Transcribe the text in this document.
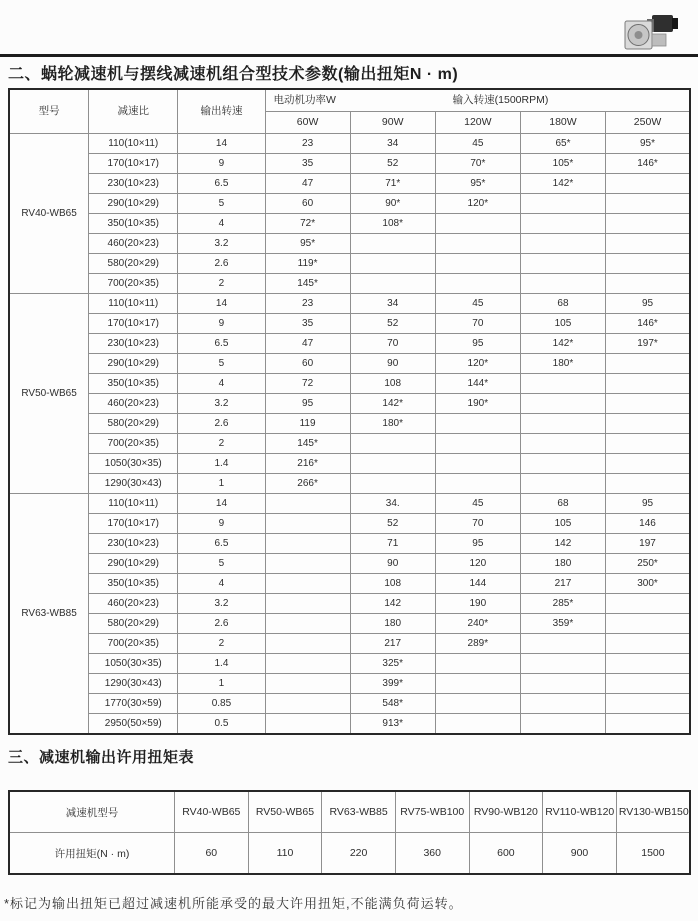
二、蜗轮减速机与摆线减速机组合型技术参数(输出扭矩N · m)
型号	减速比	输出转速	电动机功率W 输入转速(1500RPM)				

			60W	90W	120W	180W	250W
RV40-WB65	110(10×11)	14	23	34	45	65*	95*
	170(10×17)	9	35	52	70*	105*	146*
	230(10×23)	6.5	47	71*	95*	142*	
	290(10×29)	5	60	90*	120*		
	350(10×35)	4	72*	108*			
	460(20×23)	3.2	95*				
	580(20×29)	2.6	119*				
	700(20×35)	2	145*				
RV50-WB65	110(10×11)	14	23	34	45	68	95
	170(10×17)	9	35	52	70	105	146*
	230(10×23)	6.5	47	70	95	142*	197*
	290(10×29)	5	60	90	120*	180*	
	350(10×35)	4	72	108	144*		
	460(20×23)	3.2	95	142*	190*		
	580(20×29)	2.6	119	180*			
	700(20×35)	2	145*				
	1050(30×35)	1.4	216*				
	1290(30×43)	1	266*				
RV63-WB85	110(10×11)	14		34.	45	68	95
	170(10×17)	9		52	70	105	146
	230(10×23)	6.5		71	95	142	197
	290(10×29)	5		90	120	180	250*
	350(10×35)	4		108	144	217	300*
	460(20×23)	3.2		142	190	285*	
	580(20×29)	2.6		180	240*	359*	
	700(20×35)	2		217	289*		
	1050(30×35)	1.4		325*			
	1290(30×43)	1		399*			
	1770(30×59)	0.85		548*			
	2950(50×59)	0.5		913*			
三、减速机输出许用扭矩表
减速机型号	RV40-WB65	RV50-WB65	RV63-WB85	RV75-WB100	RV90-WB120	RV110-WB120	RV130-WB150
许用扭矩(N · m)	60	110	220	360	600	900	1500
*标记为输出扭矩已超过减速机所能承受的最大许用扭矩,不能满负荷运转。
